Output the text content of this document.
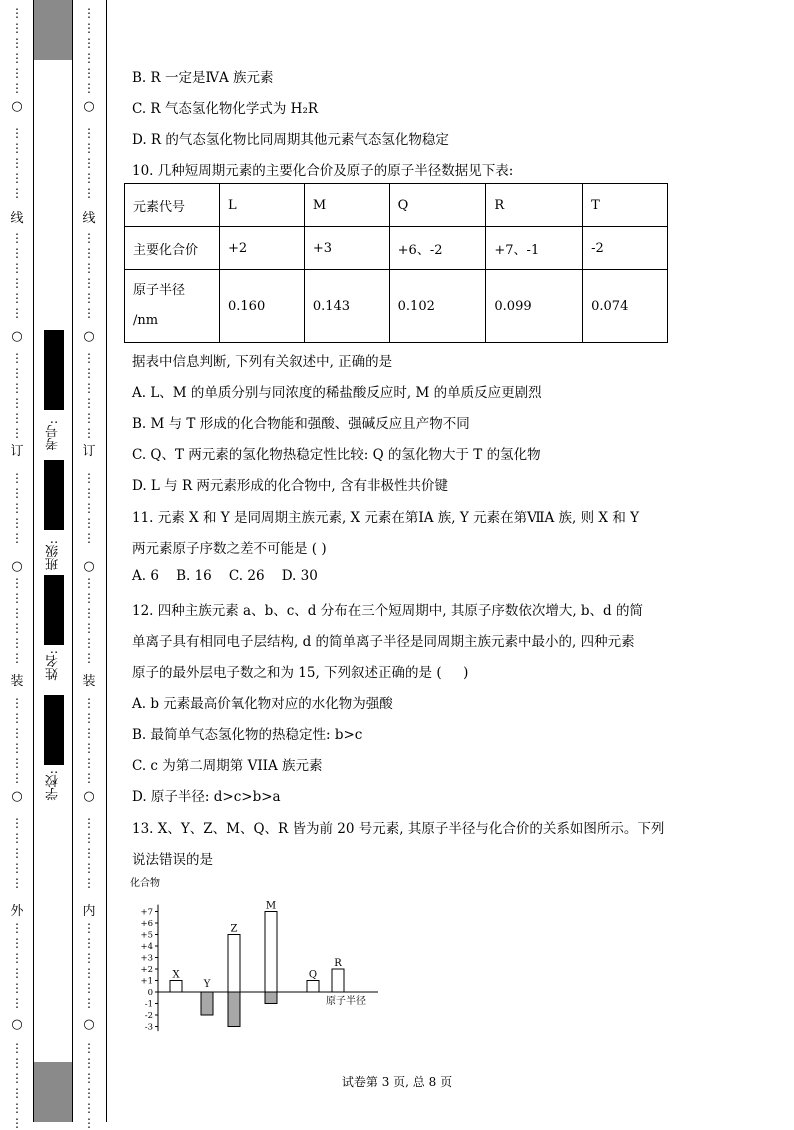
⋮
⋮
⋮
⋮
⋮
⋮
⋮
⋮
⋮
⋮
⋮
⋮
⋮
⋮
⋮
⋮
⋮
⋮
⋮
⋮
⋮
⋮
⋮
⋮
⋮
⋮
⋮
⋮
⋮
⋮
⋮
⋮
⋮
⋮
⋮
⋮
⋮
⋮
⋮
⋮
⋮
⋮
⋮
⋮
⋮
⋮
⋮
⋮
⋮
⋮
⋮
⋮
⋮
⋮
⋮
⋮
⋮
○
线
○
订
○
装
○
外
○
学校:
姓名:
班级:
考号:
⋮
⋮
⋮
⋮
⋮
⋮
⋮
⋮
⋮
⋮
⋮
⋮
⋮
⋮
⋮
⋮
⋮
⋮
⋮
⋮
⋮
⋮
⋮
⋮
⋮
⋮
⋮
⋮
⋮
⋮
⋮
⋮
⋮
⋮
⋮
⋮
⋮
⋮
⋮
⋮
⋮
⋮
⋮
⋮
⋮
⋮
⋮
⋮
⋮
⋮
⋮
⋮
⋮
⋮
⋮
⋮
⋮
○
线
○
订
○
装
○
内
○
B. R 一定是ⅣA 族元素
C. R 气态氢化物化学式为 H₂R
D. R 的气态氢化物比同周期其他元素气态氢化物稳定
10. 几种短周期元素的主要化合价及原子的原子半径数据见下表:
元素代号	L	M	Q	R	T
主要化合价	+2	+3	+6、-2	+7、-1	-2
原子半径
/nm	0.160	0.143	0.102	0.099	0.074
据表中信息判断, 下列有关叙述中, 正确的是
A. L、M 的单质分别与同浓度的稀盐酸反应时, M 的单质反应更剧烈
B. M 与 T 形成的化合物能和强酸、强碱反应且产物不同
C. Q、T 两元素的氢化物热稳定性比较: Q 的氢化物大于 T 的氢化物
D. L 与 R 两元素形成的化合物中, 含有非极性共价键
11. 元素 X 和 Y 是同周期主族元素, X 元素在第ⅠA 族, Y 元素在第ⅦA 族, 则 X 和 Y
两元素原子序数之差不可能是 ( )
A. 6    B. 16    C. 26    D. 30
12. 四种主族元素 a、b、c、d 分布在三个短周期中, 其原子序数依次增大, b、d 的简
单离子具有相同电子层结构, d 的简单离子半径是同周期主族元素中最小的, 四种元素
原子的最外层电子数之和为 15, 下列叙述正确的是 (     )
A. b 元素最高价氧化物对应的水化物为强酸
B. 最简单气态氢化物的热稳定性: b>c
C. c 为第二周期第 VIIA 族元素
D. 原子半径: d>c>b>a
13. X、Y、Z、M、Q、R 皆为前 20 号元素, 其原子半径与化合价的关系如图所示。下列
说法错误的是
化合物
原子半径
+7
+6
+5
+4
+3
+2
+1
0
-1
-2
-3
X
Y
Z
M
Q
R
试卷第 3 页, 总 8 页
